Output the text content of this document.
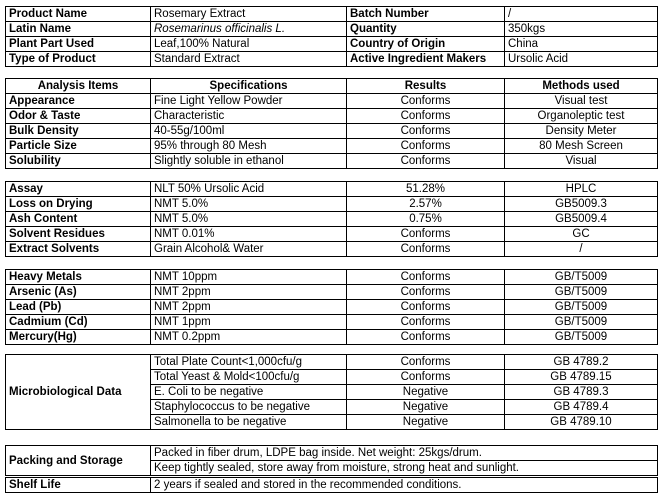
Product Name	Rosemary Extract	Batch Number	/
Latin Name	Rosemarinus officinalis L.	Quantity	350kgs
Plant Part Used	Leaf,100% Natural	Country of Origin	China
Type of Product	Standard Extract	Active Ingredient Makers	Ursolic Acid
Analysis Items	Specifications	Results	Methods used
Appearance	Fine Light Yellow Powder	Conforms	Visual test
Odor & Taste	Characteristic	Conforms	Organoleptic test
Bulk Density	40-55g/100ml	Conforms	Density Meter
Particle Size	95% through 80 Mesh	Conforms	80 Mesh Screen
Solubility	Slightly soluble in ethanol	Conforms	Visual
Assay	NLT 50% Ursolic Acid	51.28%	HPLC
Loss on Drying	NMT 5.0%	2.57%	GB5009.3
Ash Content	NMT 5.0%	0.75%	GB5009.4
Solvent Residues	NMT 0.01%	Conforms	GC
Extract Solvents	Grain Alcohol& Water	Conforms	/
Heavy Metals	NMT 10ppm	Conforms	GB/T5009
Arsenic (As)	NMT 2ppm	Conforms	GB/T5009
Lead (Pb)	NMT 2ppm	Conforms	GB/T5009
Cadmium (Cd)	NMT 1ppm	Conforms	GB/T5009
Mercury(Hg)	NMT 0.2ppm	Conforms	GB/T5009
Microbiological Data	Total Plate Count<1,000cfu/g	Conforms	GB 4789.2
	Total Yeast & Mold<100cfu/g	Conforms	GB 4789.15
	E. Coli to be negative	Negative	GB 4789.3
	Staphylococcus to be negative	Negative	GB 4789.4
	Salmonella to be negative	Negative	GB 4789.10
Packing and Storage	Packed in fiber drum, LDPE bag inside. Net weight: 25kgs/drum.
Keep tightly sealed, store away from moisture, strong heat and sunlight.
Shelf Life	2 years if sealed and stored in the recommended conditions.
